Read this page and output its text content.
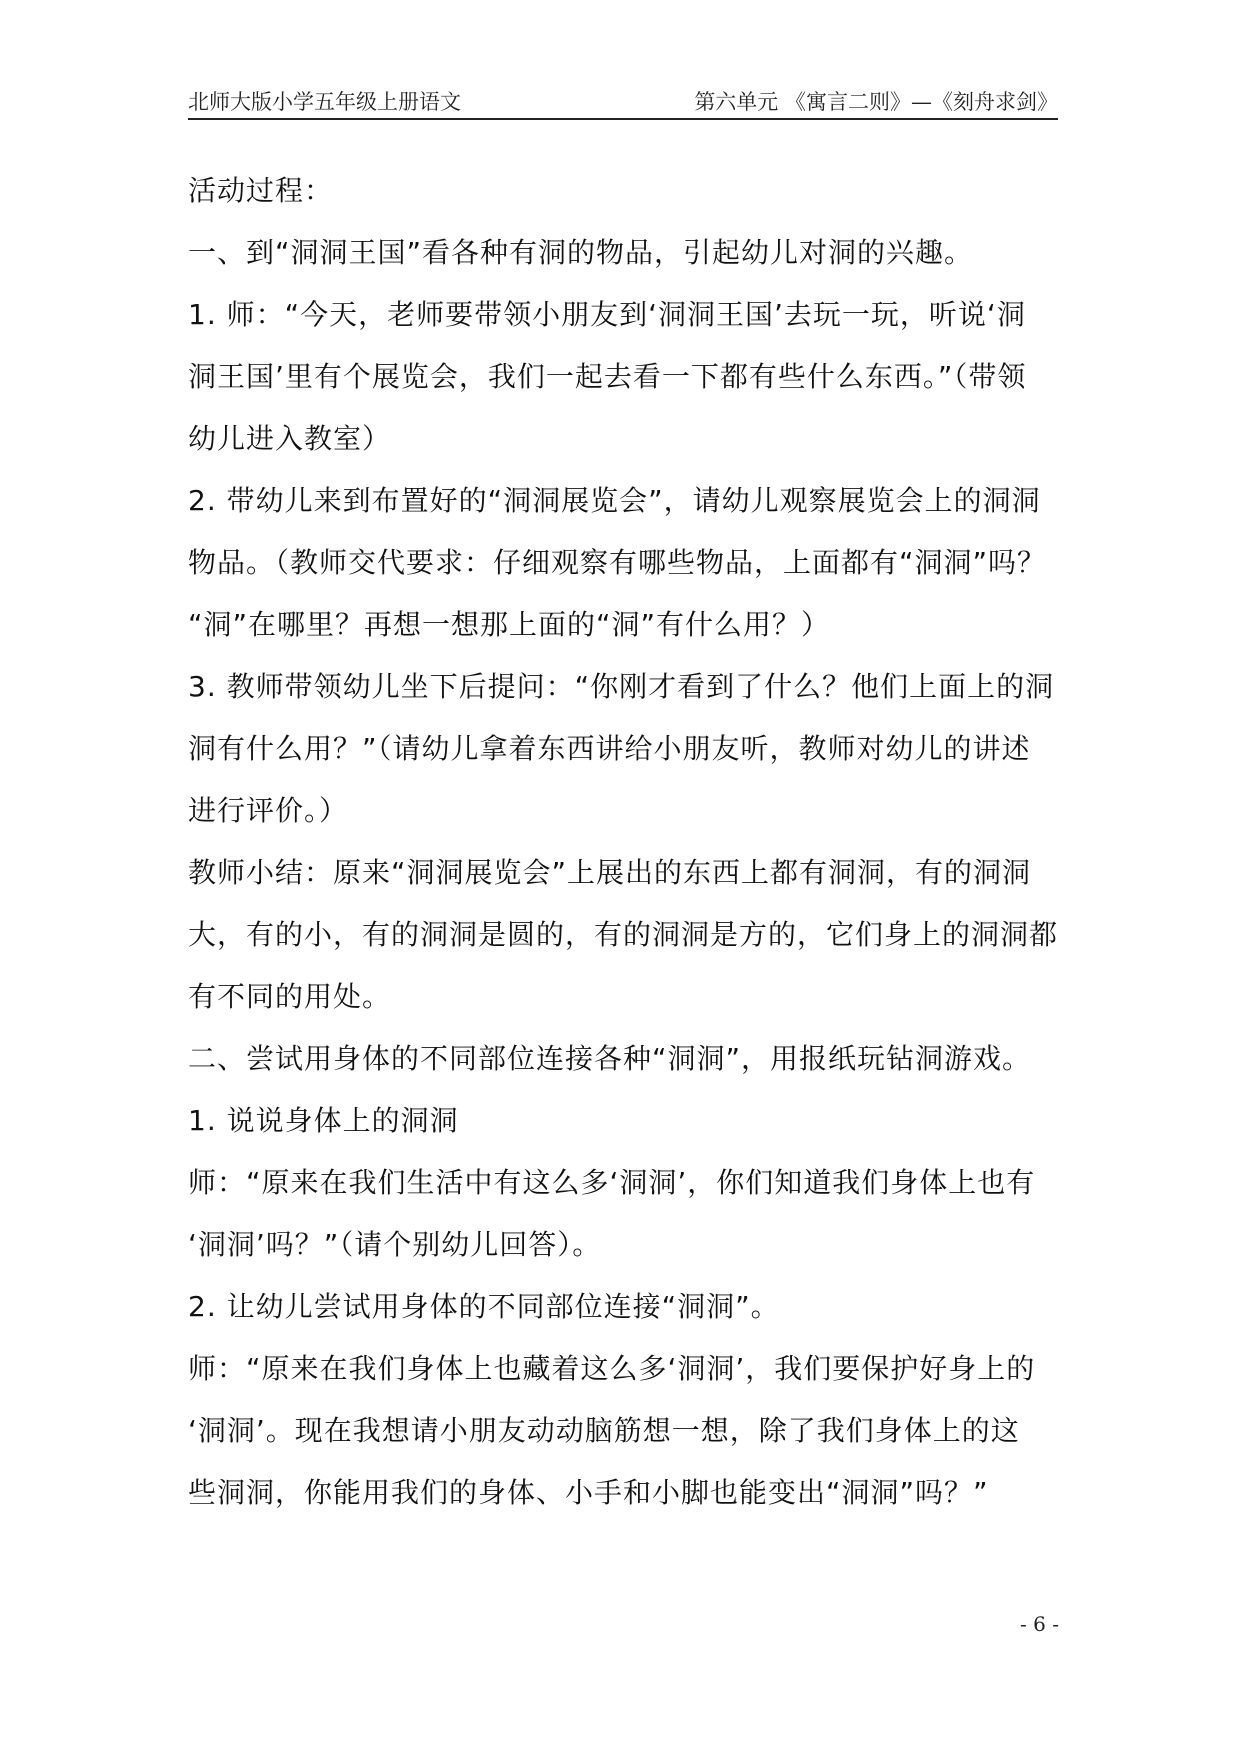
北师大版小学五年级上册语文	第六单元 《寓言二则》—《刻舟求剑》

活动过程：

一、到“洞洞王国”看各种有洞的物品，引起幼儿对洞的兴趣。

1. 师：“今天，老师要带领小朋友到‘洞洞王国’去玩一玩，听说‘洞

洞王国’里有个展览会，我们一起去看一下都有些什么东西。”（带领

幼儿进入教室）

2. 带幼儿来到布置好的“洞洞展览会”，请幼儿观察展览会上的洞洞

物品。（教师交代要求：仔细观察有哪些物品，上面都有“洞洞”吗？

“洞”在哪里？再想一想那上面的“洞”有什么用？）

3. 教师带领幼儿坐下后提问：“你刚才看到了什么？他们上面上的洞

洞有什么用？”（请幼儿拿着东西讲给小朋友听，教师对幼儿的讲述

进行评价。）

教师小结：原来“洞洞展览会”上展出的东西上都有洞洞，有的洞洞

大，有的小，有的洞洞是圆的，有的洞洞是方的，它们身上的洞洞都

有不同的用处。

二、尝试用身体的不同部位连接各种“洞洞”，用报纸玩钻洞游戏。

1. 说说身体上的洞洞

师：“原来在我们生活中有这么多‘洞洞’，你们知道我们身体上也有

‘洞洞’吗？”（请个别幼儿回答）。

2. 让幼儿尝试用身体的不同部位连接“洞洞”。

师：“原来在我们身体上也藏着这么多‘洞洞’，我们要保护好身上的

‘洞洞’。现在我想请小朋友动动脑筋想一想，除了我们身体上的这

些洞洞，你能用我们的身体、小手和小脚也能变出“洞洞”吗？”

- 6 -
